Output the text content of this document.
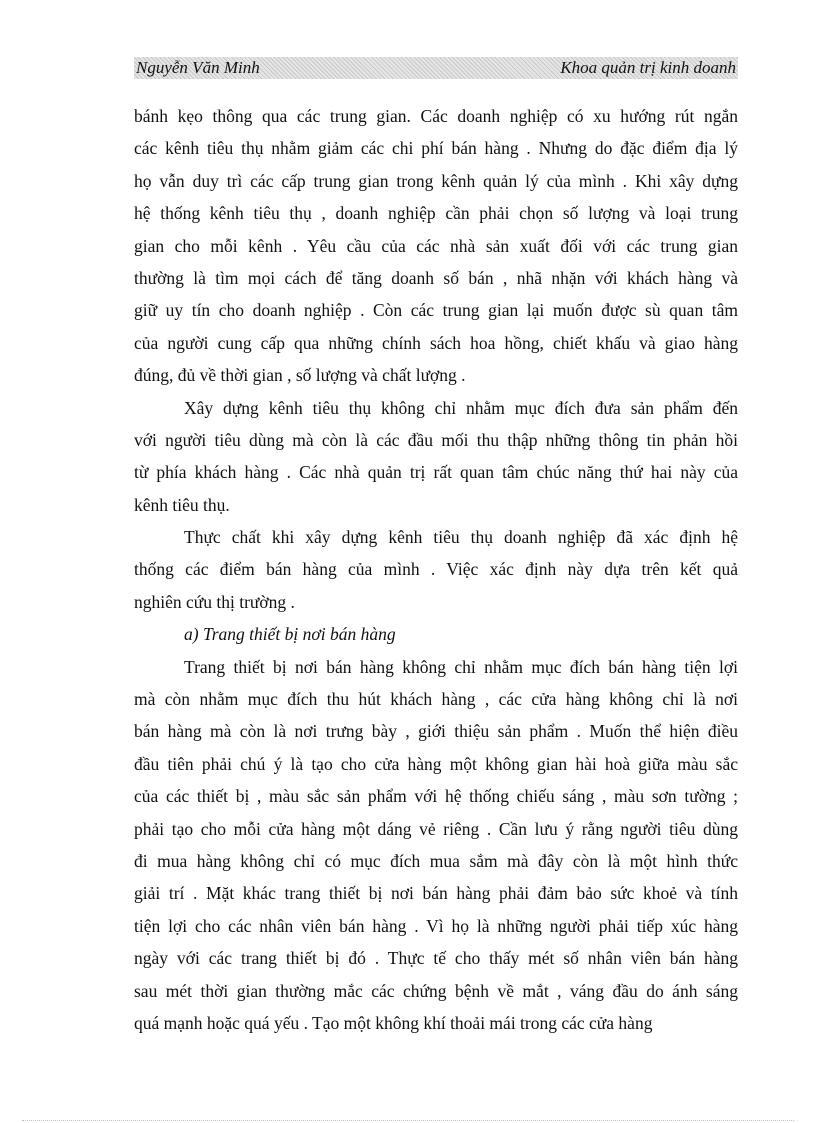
Nguyễn Văn Minh	Khoa quản trị kinh doanh
bánh kẹo thông qua các trung gian. Các doanh nghiệp có xu hướng rút ngắn
các kênh tiêu thụ nhằm giảm các chi phí bán hàng . Nhưng do đặc điểm địa lý
họ vẫn duy trì các cấp trung gian trong kênh quản lý của mình . Khi xây dựng
hệ thống kênh tiêu thụ , doanh nghiệp cần phải chọn số lượng và loại trung
gian cho mỗi kênh . Yêu cầu của các nhà sản xuất đối với các trung gian
thường là tìm mọi cách để tăng doanh số bán , nhã nhặn với khách hàng và
giữ uy tín cho doanh nghiệp . Còn các trung gian lại muốn được sù quan tâm
của người cung cấp qua những chính sách hoa hồng, chiết khấu và giao hàng
đúng, đủ về thời gian , số lượng và chất lượng .
Xây dựng kênh tiêu thụ không chỉ nhằm mục đích đưa sản phẩm đến
với người tiêu dùng mà còn là các đầu mối thu thập những thông tin phản hồi
từ phía khách hàng . Các nhà quản trị rất quan tâm chúc năng thứ hai này của
kênh tiêu thụ.
Thực chất khi xây dựng kênh tiêu thụ doanh nghiệp đã xác định hệ
thống các điểm bán hàng của mình . Việc xác định này dựa trên kết quả
nghiên cứu thị trường .
a) Trang thiết bị nơi bán hàng
Trang thiết bị nơi bán hàng không chỉ nhằm mục đích bán hàng tiện lợi
mà còn nhằm mục đích thu hút khách hàng , các cửa hàng không chỉ là nơi
bán hàng mà còn là nơi trưng bày , giới thiệu sản phẩm . Muốn thể hiện điều
đầu tiên phải chú ý là tạo cho cửa hàng một không gian hài hoà giữa màu sắc
của các thiết bị , màu sắc sản phẩm với hệ thống chiếu sáng , màu sơn tường ;
phải tạo cho mỗi cửa hàng một dáng vẻ riêng . Cần lưu ý rằng người tiêu dùng
đi mua hàng không chỉ có mục đích mua sắm mà đây còn là một hình thức
giải trí . Mặt khác trang thiết bị nơi bán hàng phải đảm bảo sức khoẻ và tính
tiện lợi cho các nhân viên bán hàng . Vì họ là những người phải tiếp xúc hàng
ngày với các trang thiết bị đó . Thực tế cho thấy mét số nhân viên bán hàng
sau mét thời gian thường mắc các chứng bệnh về mắt , váng đầu do ánh sáng
quá mạnh hoặc quá yếu . Tạo một không khí thoải mái trong các cửa hàng
